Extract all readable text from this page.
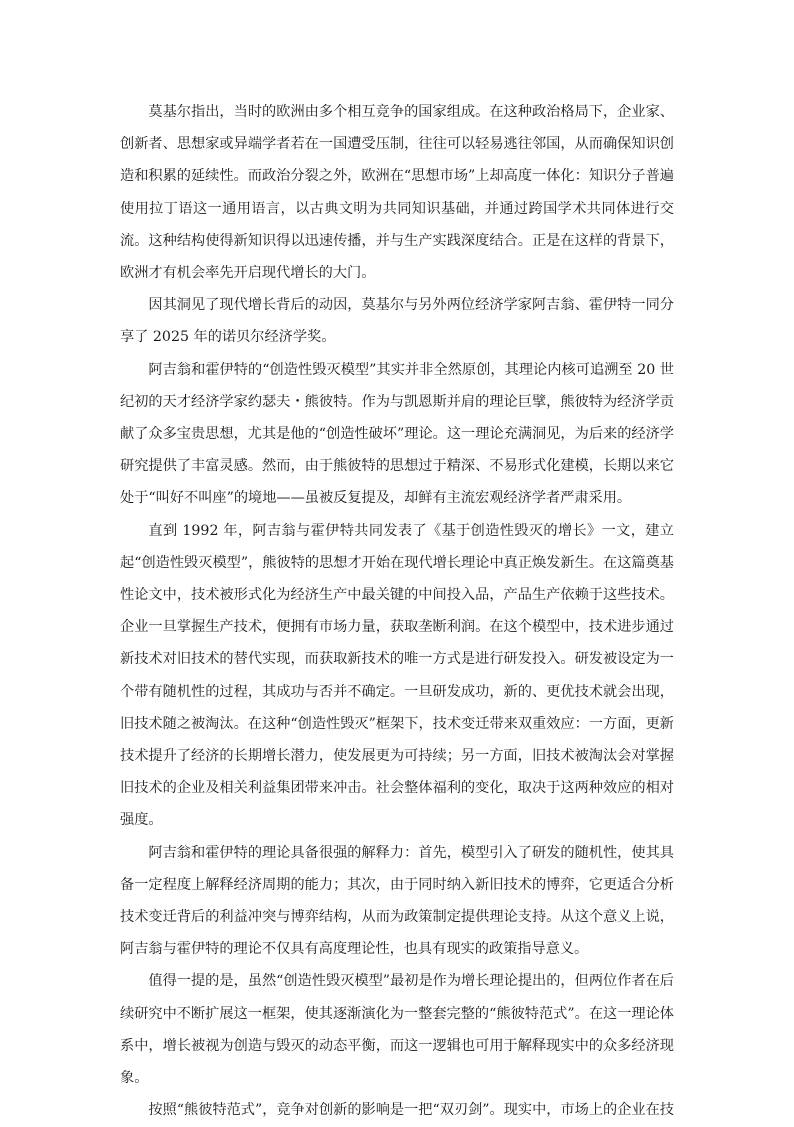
莫基尔指出，当时的欧洲由多个相互竞争的国家组成。在这种政治格局下，企业家、创新者、思想家或异端学者若在一国遭受压制，往往可以轻易逃往邻国，从而确保知识创造和积累的延续性。而政治分裂之外，欧洲在“思想市场”上却高度一体化：知识分子普遍使用拉丁语这一通用语言，以古典文明为共同知识基础，并通过跨国学术共同体进行交流。这种结构使得新知识得以迅速传播，并与生产实践深度结合。正是在这样的背景下，欧洲才有机会率先开启现代增长的大门。

因其洞见了现代增长背后的动因，莫基尔与另外两位经济学家阿吉翁、霍伊特一同分享了 2025 年的诺贝尔经济学奖。

阿吉翁和霍伊特的“创造性毁灭模型”其实并非全然原创，其理论内核可追溯至 20 世纪初的天才经济学家约瑟夫・熊彼特。作为与凯恩斯并肩的理论巨擘，熊彼特为经济学贡献了众多宝贵思想，尤其是他的“创造性破坏”理论。这一理论充满洞见，为后来的经济学研究提供了丰富灵感。然而，由于熊彼特的思想过于精深、不易形式化建模，长期以来它处于“叫好不叫座”的境地——虽被反复提及，却鲜有主流宏观经济学者严肃采用。

直到 1992 年，阿吉翁与霍伊特共同发表了《基于创造性毁灭的增长》一文，建立起“创造性毁灭模型”，熊彼特的思想才开始在现代增长理论中真正焕发新生。在这篇奠基性论文中，技术被形式化为经济生产中最关键的中间投入品，产品生产依赖于这些技术。企业一旦掌握生产技术，便拥有市场力量，获取垄断利润。在这个模型中，技术进步通过新技术对旧技术的替代实现，而获取新技术的唯一方式是进行研发投入。研发被设定为一个带有随机性的过程，其成功与否并不确定。一旦研发成功，新的、更优技术就会出现，旧技术随之被淘汰。在这种“创造性毁灭”框架下，技术变迁带来双重效应：一方面，更新技术提升了经济的长期增长潜力，使发展更为可持续；另一方面，旧技术被淘汰会对掌握旧技术的企业及相关利益集团带来冲击。社会整体福利的变化，取决于这两种效应的相对强度。

阿吉翁和霍伊特的理论具备很强的解释力：首先，模型引入了研发的随机性，使其具备一定程度上解释经济周期的能力；其次，由于同时纳入新旧技术的博弈，它更适合分析技术变迁背后的利益冲突与博弈结构，从而为政策制定提供理论支持。从这个意义上说，阿吉翁与霍伊特的理论不仅具有高度理论性，也具有现实的政策指导意义。

值得一提的是，虽然“创造性毁灭模型”最初是作为增长理论提出的，但两位作者在后续研究中不断扩展这一框架，使其逐渐演化为一整套完整的“熊彼特范式”。在这一理论体系中，增长被视为创造与毁灭的动态平衡，而这一逻辑也可用于解释现实中的众多经济现象。

按照“熊彼特范式”，竞争对创新的影响是一把“双刃剑”。现实中，市场上的企业在技
